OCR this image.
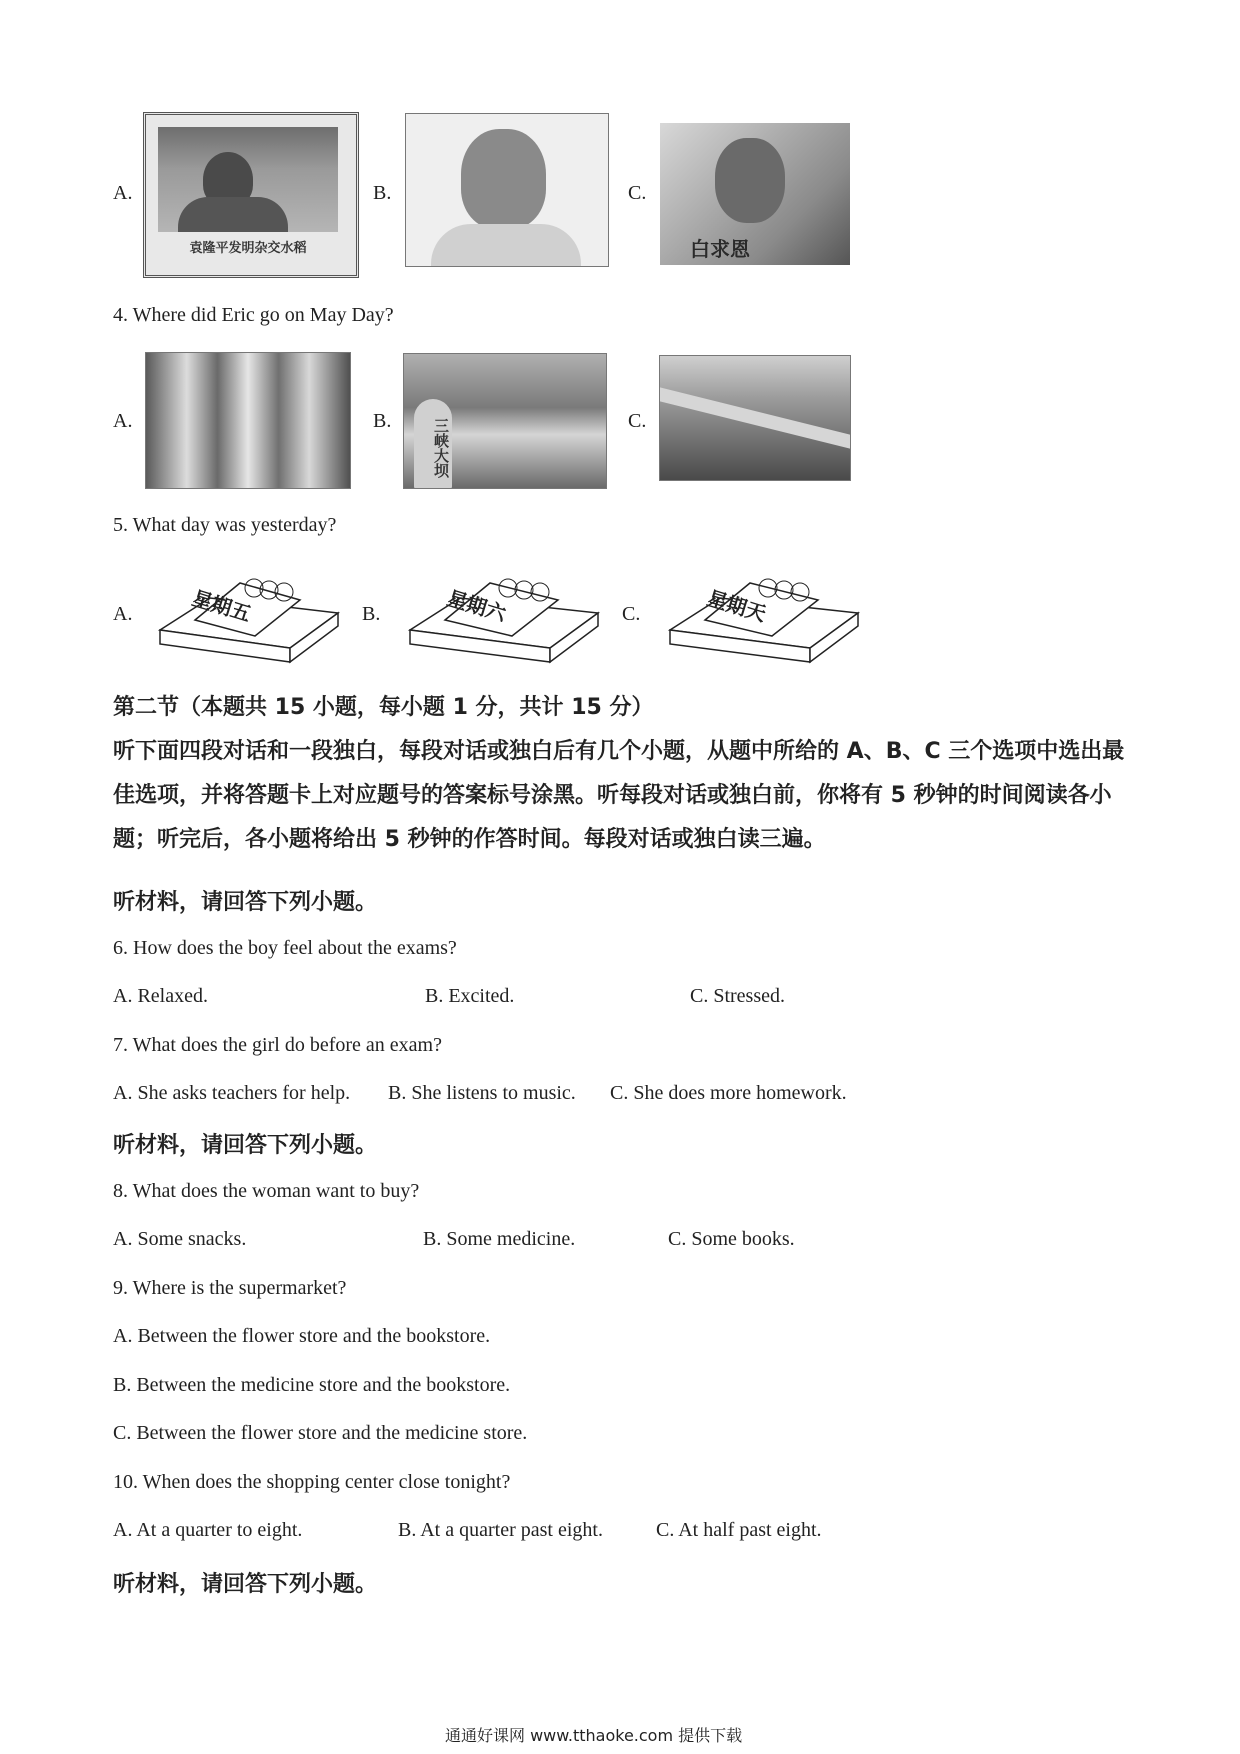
A.
袁隆平发明杂交水稻
B.	C.
白求恩
4. Where did Eric go on May Day?
A.	B.	三峡大坝	C.
5. What day was yesterday?
A.	星期五	B.	星期六	C.	星期天
第二节（本题共 15 小题，每小题 1 分，共计 15 分）
听下面四段对话和一段独白，每段对话或独白后有几个小题，从题中所给的 A、B、C 三个选项中选出最佳选项，并将答题卡上对应题号的答案标号涂黑。听每段对话或独白前，你将有 5 秒钟的时间阅读各小题；听完后，各小题将给出 5 秒钟的作答时间。每段对话或独白读三遍。
听材料，请回答下列小题。
6. How does the boy feel about the exams?
A. Relaxed.	B. Excited.	C. Stressed.
7. What does the girl do before an exam?
A. She asks teachers for help. B. She listens to music. C. She does more homework.
听材料，请回答下列小题。
8. What does the woman want to buy?
A. Some snacks.	B. Some medicine.	C. Some books.
9. Where is the supermarket?
A. Between the flower store and the bookstore.
B. Between the medicine store and the bookstore.
C. Between the flower store and the medicine store.
10. When does the shopping center close tonight?
A. At a quarter to eight.	B. At a quarter past eight.	C. At half past eight.
听材料，请回答下列小题。
通通好课网 www.tthaoke.com 提供下载
